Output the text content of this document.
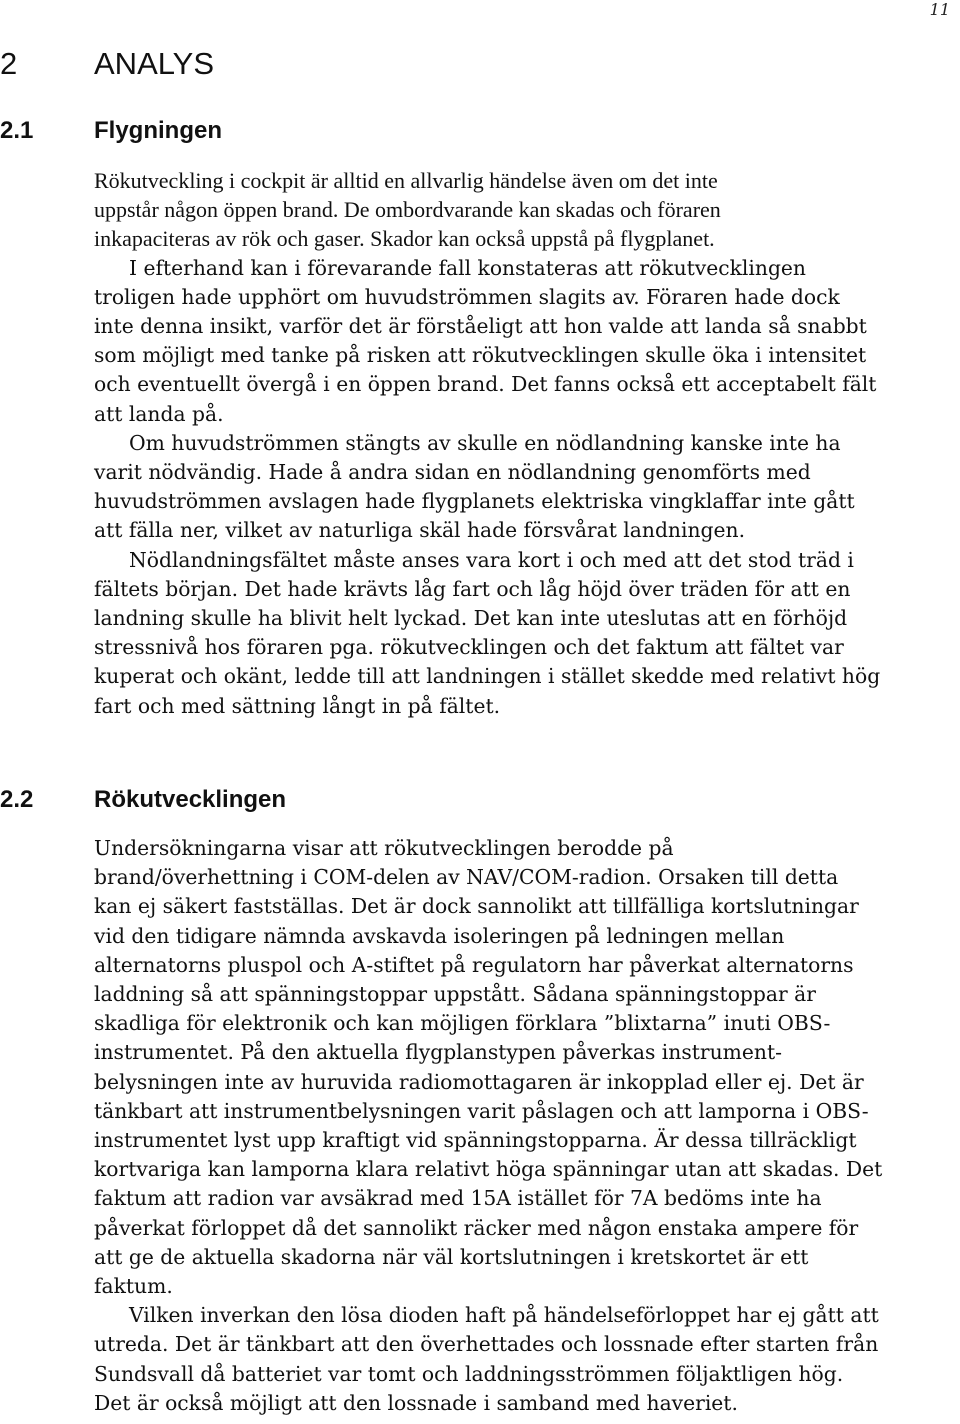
11
2 ANALYS
2.1	Flygningen

Rökutveckling i cockpit är alltid en allvarlig händelse även om det inte
uppstår någon öppen brand. De ombordvarande kan skadas och föraren
inkapaciteras av rök och gaser. Skador kan också uppstå på flygplanet.

I efterhand kan i förevarande fall konstateras att rökutvecklingen
troligen hade upphört om huvudströmmen slagits av. Föraren hade dock
inte denna insikt, varför det är förståeligt att hon valde att landa så snabbt
som möjligt med tanke på risken att rökutvecklingen skulle öka i intensitet
och eventuellt övergå i en öppen brand. Det fanns också ett acceptabelt fält
att landa på.

Om huvudströmmen stängts av skulle en nödlandning kanske inte ha
varit nödvändig. Hade å andra sidan en nödlandning genomförts med
huvudströmmen avslagen hade flygplanets elektriska vingklaffar inte gått
att fälla ner, vilket av naturliga skäl hade försvårat landningen.

Nödlandningsfältet måste anses vara kort i och med att det stod träd i
fältets början. Det hade krävts låg fart och låg höjd över träden för att en
landning skulle ha blivit helt lyckad. Det kan inte uteslutas att en förhöjd
stressnivå hos föraren pga. rökutvecklingen och det faktum att fältet var
kuperat och okänt, ledde till att landningen i stället skedde med relativt hög
fart och med sättning långt in på fältet.

2.2	Rökutvecklingen

Undersökningarna visar att rökutvecklingen berodde på
brand/överhettning i COM-delen av NAV/COM-radion. Orsaken till detta
kan ej säkert fastställas. Det är dock sannolikt att tillfälliga kortslutningar
vid den tidigare nämnda avskavda isoleringen på ledningen mellan
alternatorns pluspol och A-stiftet på regulatorn har påverkat alternatorns
laddning så att spänningstoppar uppstått. Sådana spänningstoppar är
skadliga för elektronik och kan möjligen förklara ”blixtarna” inuti OBS-
instrumentet. På den aktuella flygplanstypen påverkas instrument-
belysningen inte av huruvida radiomottagaren är inkopplad eller ej. Det är
tänkbart att instrumentbelysningen varit påslagen och att lamporna i OBS-
instrumentet lyst upp kraftigt vid spänningstopparna. Är dessa tillräckligt
kortvariga kan lamporna klara relativt höga spänningar utan att skadas. Det
faktum att radion var avsäkrad med 15A istället för 7A bedöms inte ha
påverkat förloppet då det sannolikt räcker med någon enstaka ampere för
att ge de aktuella skadorna när väl kortslutningen i kretskortet är ett
faktum.

Vilken inverkan den lösa dioden haft på händelseförloppet har ej gått att
utreda. Det är tänkbart att den överhettades och lossnade efter starten från
Sundsvall då batteriet var tomt och laddningsströmmen följaktligen hög.
Det är också möjligt att den lossnade i samband med haveriet.
